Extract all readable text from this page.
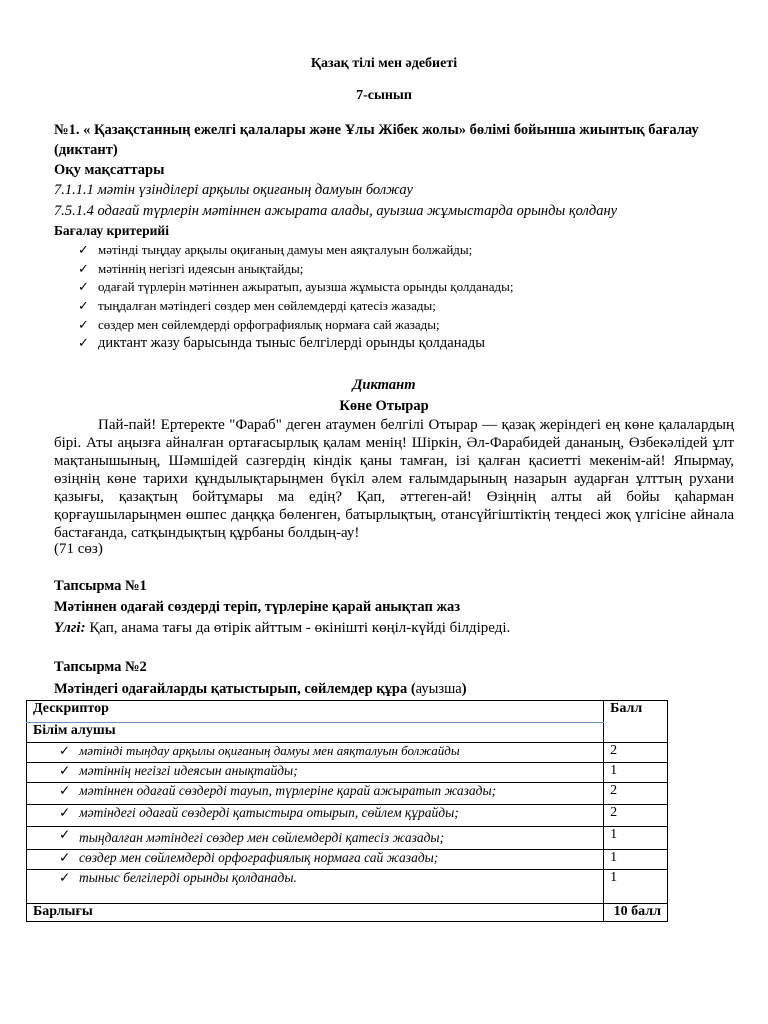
Қазақ тілі мен әдебиеті
7-сынып
№1. « Қазақстанның ежелгі қалалары және Ұлы Жібек жолы» бөлімі бойынша жиынтық бағалау
(диктант)
Оқу мақсаттары
7.1.1.1 мәтін үзінділері арқылы оқиғаның дамуын болжау
7.5.1.4 одағай түрлерін мәтіннен ажырата алады, ауызша жұмыстарда орынды қолдану
Бағалау критерийі
✓ мәтінді тыңдау арқылы оқиғаның дамуы мен аяқталуын болжайды;
✓ мәтіннің негізгі идеясын анықтайды;
✓ одағай түрлерін мәтіннен ажыратып, ауызша жұмыста орынды қолданады;
✓ тыңдалған мәтіндегі сөздер мен сөйлемдерді қатесіз жазады;
✓ сөздер мен сөйлемдерді орфографиялық нормаға сай жазады;
✓ диктант жазу барысында тыныс белгілерді орынды қолданады
Диктант
Көне Отырар
Пай-пай! Ертеректе "Фараб" деген атаумен белгілі Отырар — қазақ жеріндегі ең көне қалалардың бірі. Аты аңызға айналған ортағасырлық қалам менің! Шіркін, Әл-Фарабидей дананың, Өзбекәлідей ұлт мақтанышының, Шәмшідей сазгердің кіндік қаны тамған, ізі қалған қасиетті мекенім-ай! Япырмау, өзіңнің көне тарихи құндылықтарыңмен бүкіл әлем ғалымдарының назарын аударған ұлттың рухани қазығы, қазақтың бойтұмары ма едің? Қап, әттеген-ай! Өзіңнің алты ай бойы қаһарман қорғаушыларыңмен өшпес даңққа бөленген, батырлықтың, отансүйгіштіктің теңдесі жоқ үлгісіне айнала бастағанда, сатқындықтың құрбаны болдың-ау!
(71 сөз)
Тапсырма №1
Мәтіннен одағай сөздерді теріп, түрлеріне қарай анықтап жаз
Үлгі: Қап, анама тағы да өтірік айттым - өкінішті көңіл-күйді білдіреді.
Тапсырма №2
Мәтіндегі одағайларды қатыстырып, сөйлемдер құра (ауызша)
Дескриптор	Балл
Білім алушы	

✓ мәтінді тыңдау арқылы оқиғаның дамуы мен аяқталуын болжайды	2

✓ мәтіннің негізгі идеясын анықтайды;	1

✓ мәтіннен одағай сөздерді тауып, түрлеріне қарай ажыратып жазады;	2

✓ мәтіндегі одағай сөздерді қатыстыра отырып, сөйлем құрайды;	2

✓ тыңдалған мәтіндегі сөздер мен сөйлемдерді қатесіз жазады;	1

✓ сөздер мен сөйлемдерді орфографиялық нормаға сай жазады;	1

✓ тыныс белгілерді орынды қолданады.	1
Барлығы	10 балл
